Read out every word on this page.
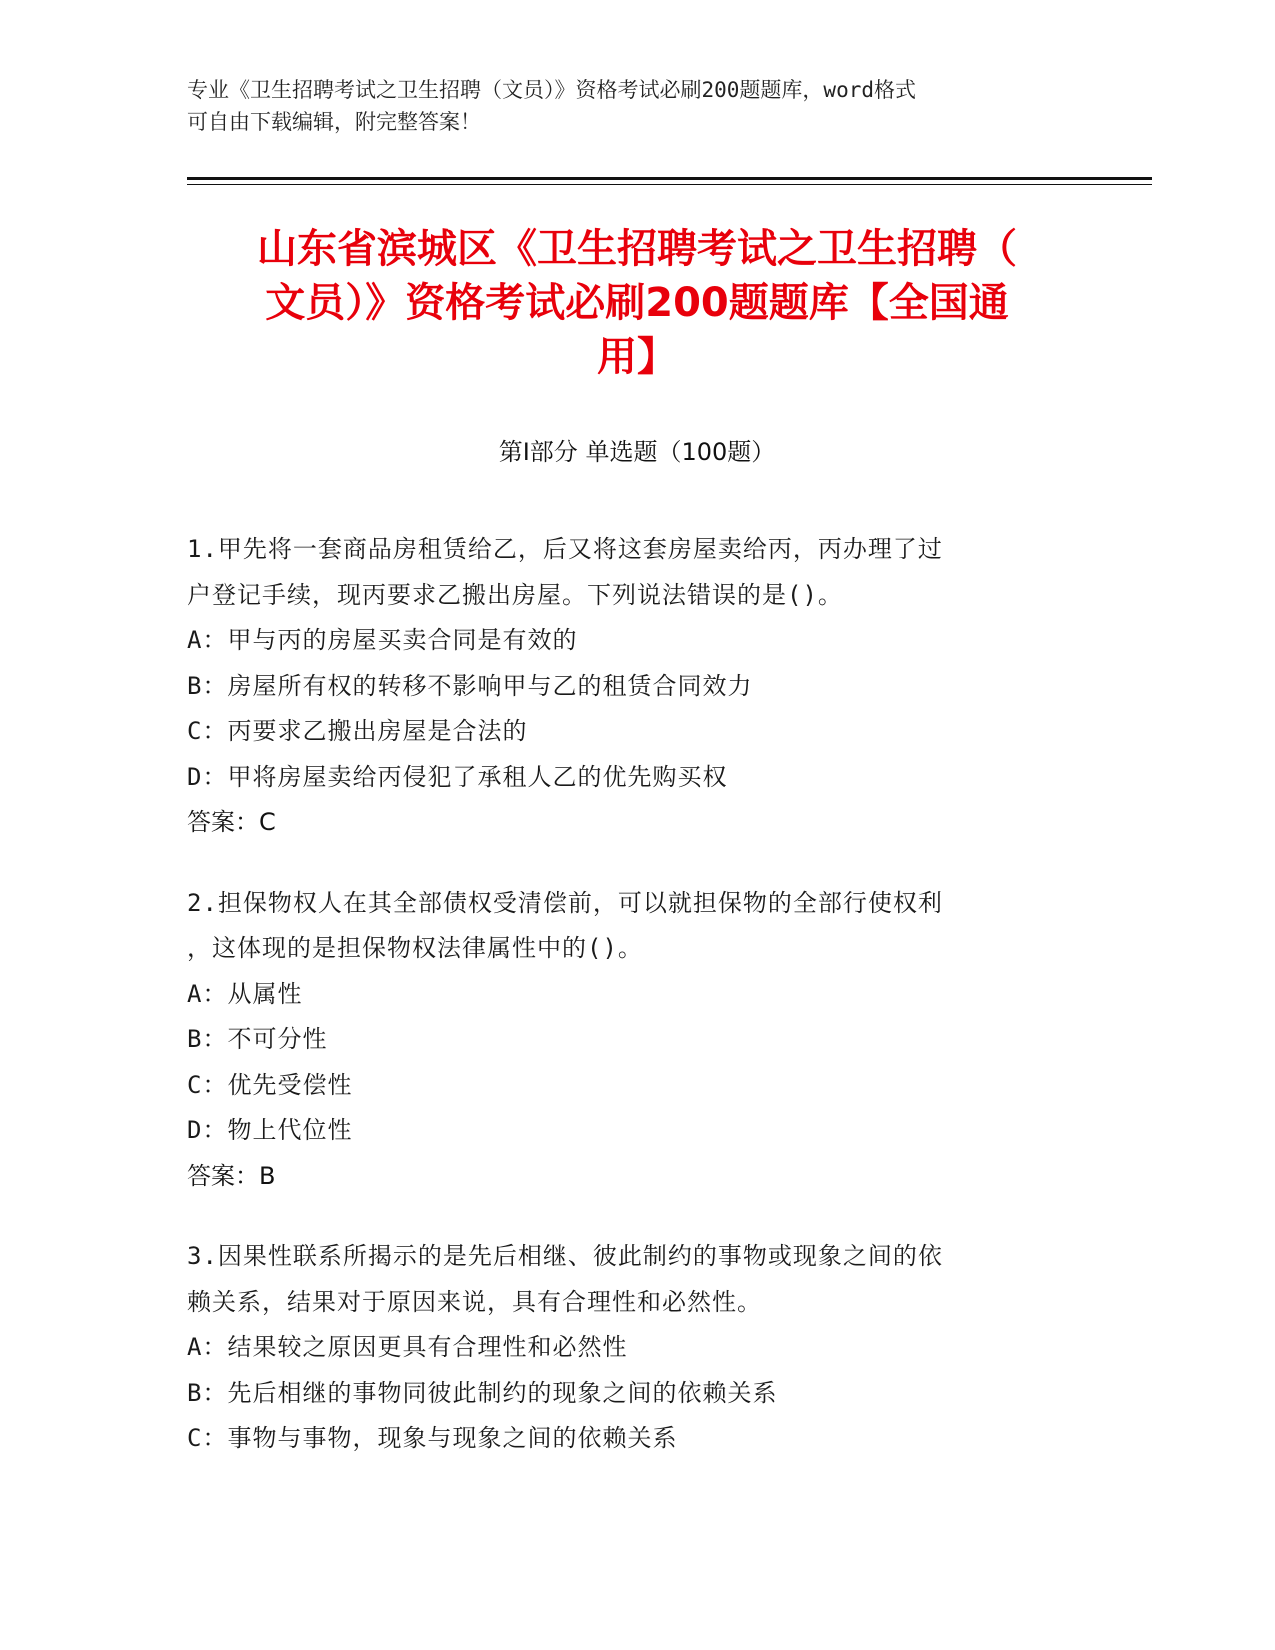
专业《卫生招聘考试之卫生招聘（文员）》资格考试必刷200题题库，word格式
可自由下载编辑，附完整答案！
山东省滨城区《卫生招聘考试之卫生招聘（
文员）》资格考试必刷200题题库【全国通
用】
第Ⅰ部分 单选题（100题）

1.甲先将一套商品房租赁给乙，后又将这套房屋卖给丙，丙办理了过

户登记手续，现丙要求乙搬出房屋。下列说法错误的是()。

A：甲与丙的房屋买卖合同是有效的

B：房屋所有权的转移不影响甲与乙的租赁合同效力

C：丙要求乙搬出房屋是合法的

D：甲将房屋卖给丙侵犯了承租人乙的优先购买权

答案：C

2.担保物权人在其全部债权受清偿前，可以就担保物的全部行使权利

，这体现的是担保物权法律属性中的()。

A：从属性

B：不可分性

C：优先受偿性

D：物上代位性

答案：B

3.因果性联系所揭示的是先后相继、彼此制约的事物或现象之间的依

赖关系，结果对于原因来说，具有合理性和必然性。

A：结果较之原因更具有合理性和必然性

B：先后相继的事物同彼此制约的现象之间的依赖关系

C：事物与事物，现象与现象之间的依赖关系
